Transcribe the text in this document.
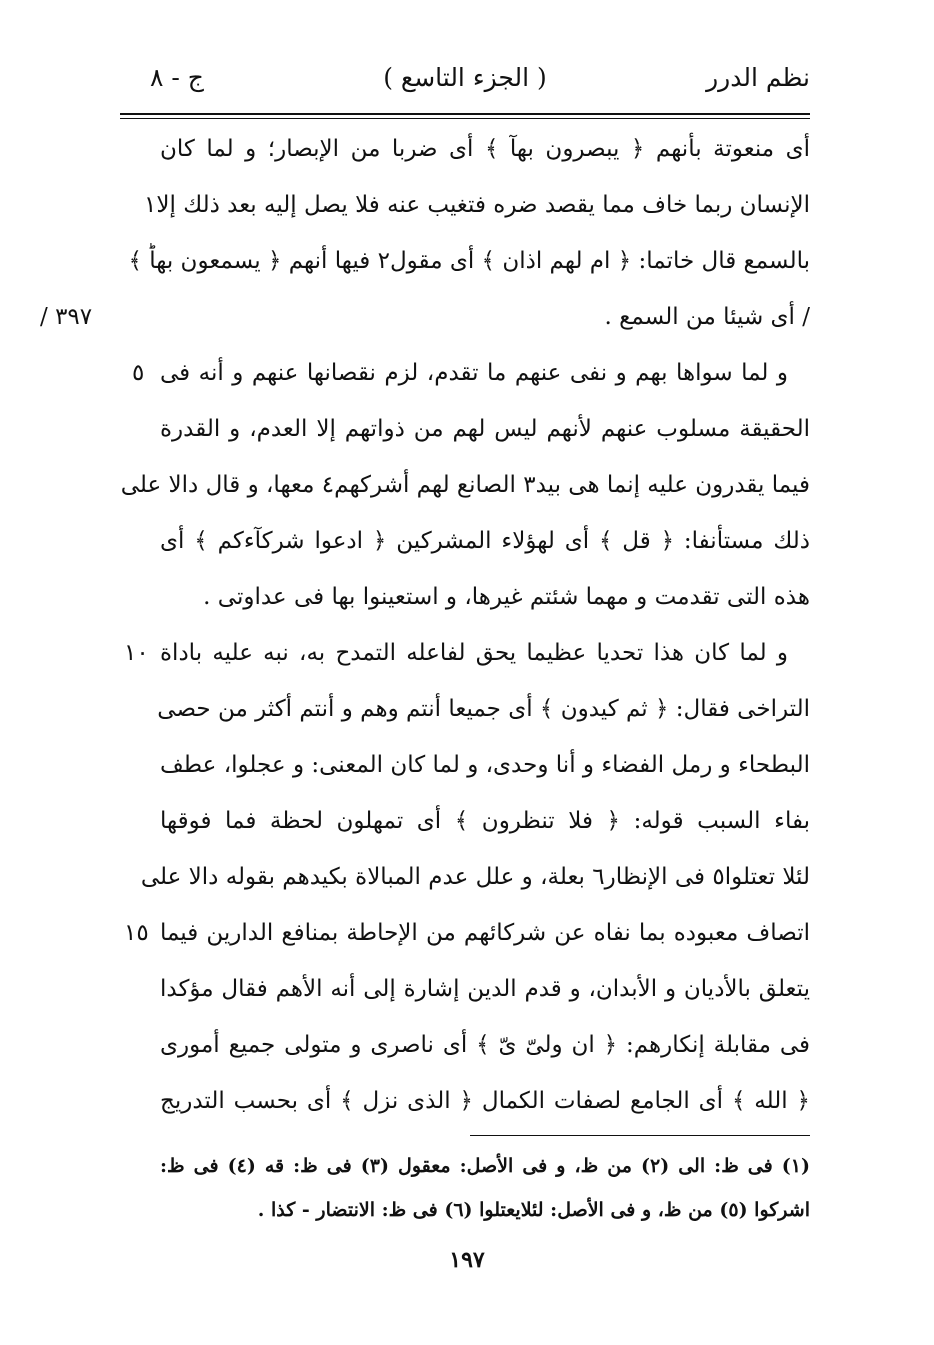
نظم الدرر
( الجزء التاسع )
ج - ٨
أى منعوتة بأنهم ﴿ يبصرون بهآ ﴾ أى ضربا من الإبصار؛ و لما كان
الإنسان ربما خاف مما يقصد ضره فتغيب عنه فلا يصل إليه بعد ذلك إلا١
بالسمع قال خاتما: ﴿ ام لهم اذان ﴾ أى مقول٢ فيها أنهم ﴿ يسمعون بهاؕ ﴾
/ أى شيئا من السمع .
و لما سواها بهم و نفى عنهم ما تقدم، لزم نقصانها عنهم و أنه فى
الحقيقة مسلوب عنهم لأنهم ليس لهم من ذواتهم إلا العدم، و القدرة
فيما يقدرون عليه إنما هى بيد٣ الصانع لهم أشركهم٤ معها، و قال دالا على
ذلك مستأنفا: ﴿ قل ﴾ أى لهؤلاء المشركين ﴿ ادعوا شركآءكم ﴾ أى
هذه التى تقدمت و مهما شئتم غيرها، و استعينوا بها فى عداوتى .
و لما كان هذا تحديا عظيما يحق لفاعله التمدح به، نبه عليه باداة
التراخى فقال: ﴿ ثم كيدون ﴾ أى جميعا أنتم وهم و أنتم أكثر من حصى
البطحاء و رمل الفضاء و أنا وحدى، و لما كان المعنى: و عجلوا، عطف
بفاء السبب قوله: ﴿ فلا تنظرون ﴾ أى تمهلون لحظة فما فوقها
لئلا تعتلوا٥ فى الإنظار٦ بعلة، و علل عدم المبالاة بكيدهم بقوله دالا على
اتصاف معبوده بما نفاه عن شركائهم من الإحاطة بمنافع الدارين فيما
يتعلق بالأديان و الأبدان، و قدم الدين إشارة إلى أنه الأهم فقال مؤكدا
فى مقابلة إنكارهم: ﴿ ان ولىّ ىّ ﴾ أى ناصرى و متولى جميع أمورى
﴿ الله ﴾ أى الجامع لصفات الكمال ﴿ الذى نزل ﴾ أى بحسب التدريج
٣٩٧ /
٥
١٠
١٥
(١) فى ظ: الى (٢) من ظ، و فى الأصل: معقول (٣) فى ظ: قه (٤) فى ظ:
اشركوا (٥) من ظ، و فى الأصل: لئلايعتلوا (٦) فى ظ: الانتضار - كذا .
١٩٧
